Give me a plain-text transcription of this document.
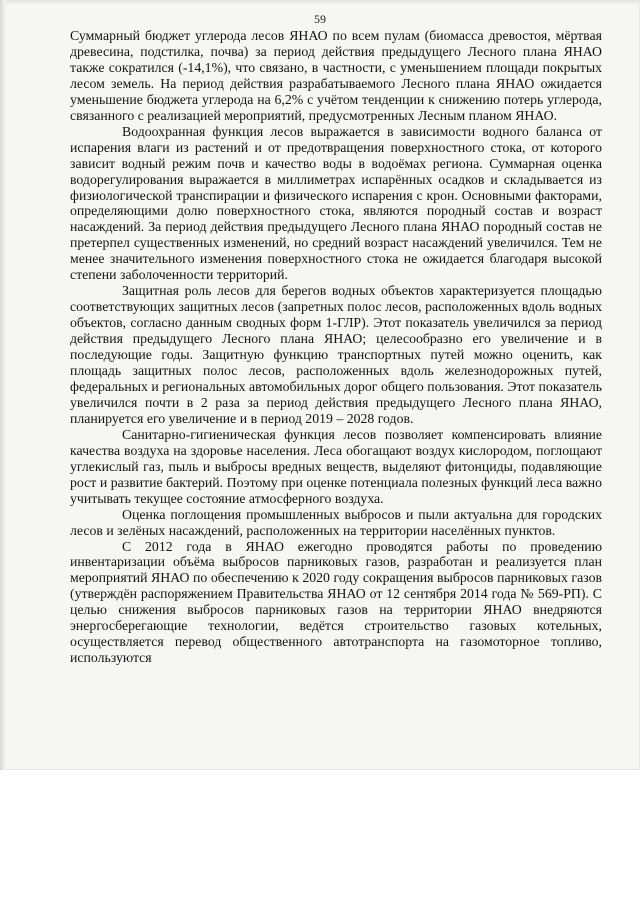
59

Суммарный бюджет углерода лесов ЯНАО по всем пулам (биомасса древостоя, мёртвая древесина, подстилка, почва) за период действия предыдущего Лесного плана ЯНАО также сократился (-14,1%), что связано, в частности, с уменьшением площади покрытых лесом земель. На период действия разрабатываемого Лесного плана ЯНАО ожидается уменьшение бюджета углерода на 6,2% с учётом тенденции к снижению потерь углерода, связанного с реализацией мероприятий, предусмотренных Лесным планом ЯНАО.

Водоохранная функция лесов выражается в зависимости водного баланса от испарения влаги из растений и от предотвращения поверхностного стока, от которого зависит водный режим почв и качество воды в водоёмах региона. Суммарная оценка водорегулирования выражается в миллиметрах испарённых осадков и складывается из физиологической транспирации и физического испарения с крон. Основными факторами, определяющими долю поверхностного стока, являются породный состав и возраст насаждений. За период действия предыдущего Лесного плана ЯНАО породный состав не претерпел существенных изменений, но средний возраст насаждений увеличился. Тем не менее значительного изменения поверхностного стока не ожидается благодаря высокой степени заболоченности территорий.

Защитная роль лесов для берегов водных объектов характеризуется площадью соответствующих защитных лесов (запретных полос лесов, расположенных вдоль водных объектов, согласно данным сводных форм 1-ГЛР). Этот показатель увеличился за период действия предыдущего Лесного плана ЯНАО; целесообразно его увеличение и в последующие годы. Защитную функцию транспортных путей можно оценить, как площадь защитных полос лесов, расположенных вдоль железнодорожных путей, федеральных и региональных автомобильных дорог общего пользования. Этот показатель увеличился почти в 2 раза за период действия предыдущего Лесного плана ЯНАО, планируется его увеличение и в период 2019 – 2028 годов.

Санитарно-гигиеническая функция лесов позволяет компенсировать влияние качества воздуха на здоровье населения. Леса обогащают воздух кислородом, поглощают углекислый газ, пыль и выбросы вредных веществ, выделяют фитонциды, подавляющие рост и развитие бактерий. Поэтому при оценке потенциала полезных функций леса важно учитывать текущее состояние атмосферного воздуха.

Оценка поглощения промышленных выбросов и пыли актуальна для городских лесов и зелёных насаждений, расположенных на территории населённых пунктов.

С 2012 года в ЯНАО ежегодно проводятся работы по проведению инвентаризации объёма выбросов парниковых газов, разработан и реализуется план мероприятий ЯНАО по обеспечению к 2020 году сокращения выбросов парниковых газов (утверждён распоряжением Правительства ЯНАО от 12 сентября 2014 года № 569-РП). С целью снижения выбросов парниковых газов на территории ЯНАО внедряются энергосберегающие технологии, ведётся строительство газовых котельных, осуществляется перевод общественного автотранспорта на газомоторное топливо, используются
